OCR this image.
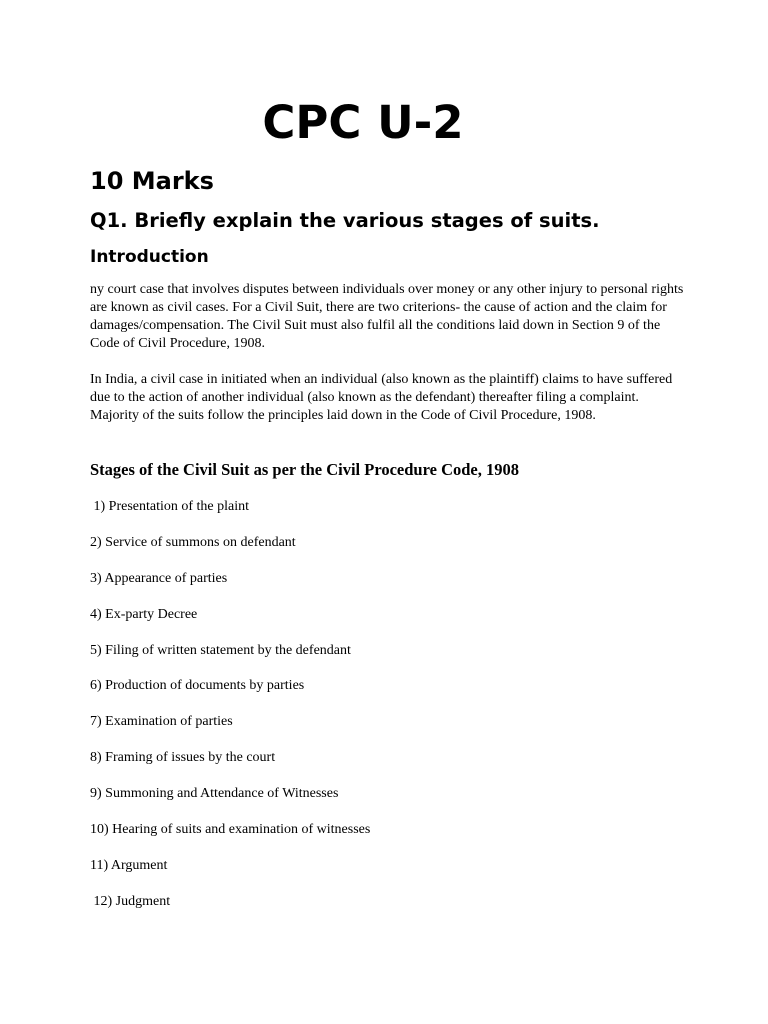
CPC U-2
10 Marks
Q1. Briefly explain the various stages of suits.
Introduction

ny court case that involves disputes between individuals over money or any other injury to personal rights are known as civil cases. For a Civil Suit, there are two criterions- the cause of action and the claim for damages/compensation. The Civil Suit must also fulfil all the conditions laid down in Section 9 of the Code of Civil Procedure, 1908.

In India, a civil case in initiated when an individual (also known as the plaintiff) claims to have suffered due to the action of another individual (also known as the defendant) thereafter filing a complaint. Majority of the suits follow the principles laid down in the Code of Civil Procedure, 1908.

Stages of the Civil Suit as per the Civil Procedure Code, 1908
1) Presentation of the plaint
2) Service of summons on defendant
3) Appearance of parties
4) Ex-party Decree
5) Filing of written statement by the defendant
6) Production of documents by parties
7) Examination of parties
8) Framing of issues by the court
9) Summoning and Attendance of Witnesses
10) Hearing of suits and examination of witnesses
11) Argument
12) Judgment
